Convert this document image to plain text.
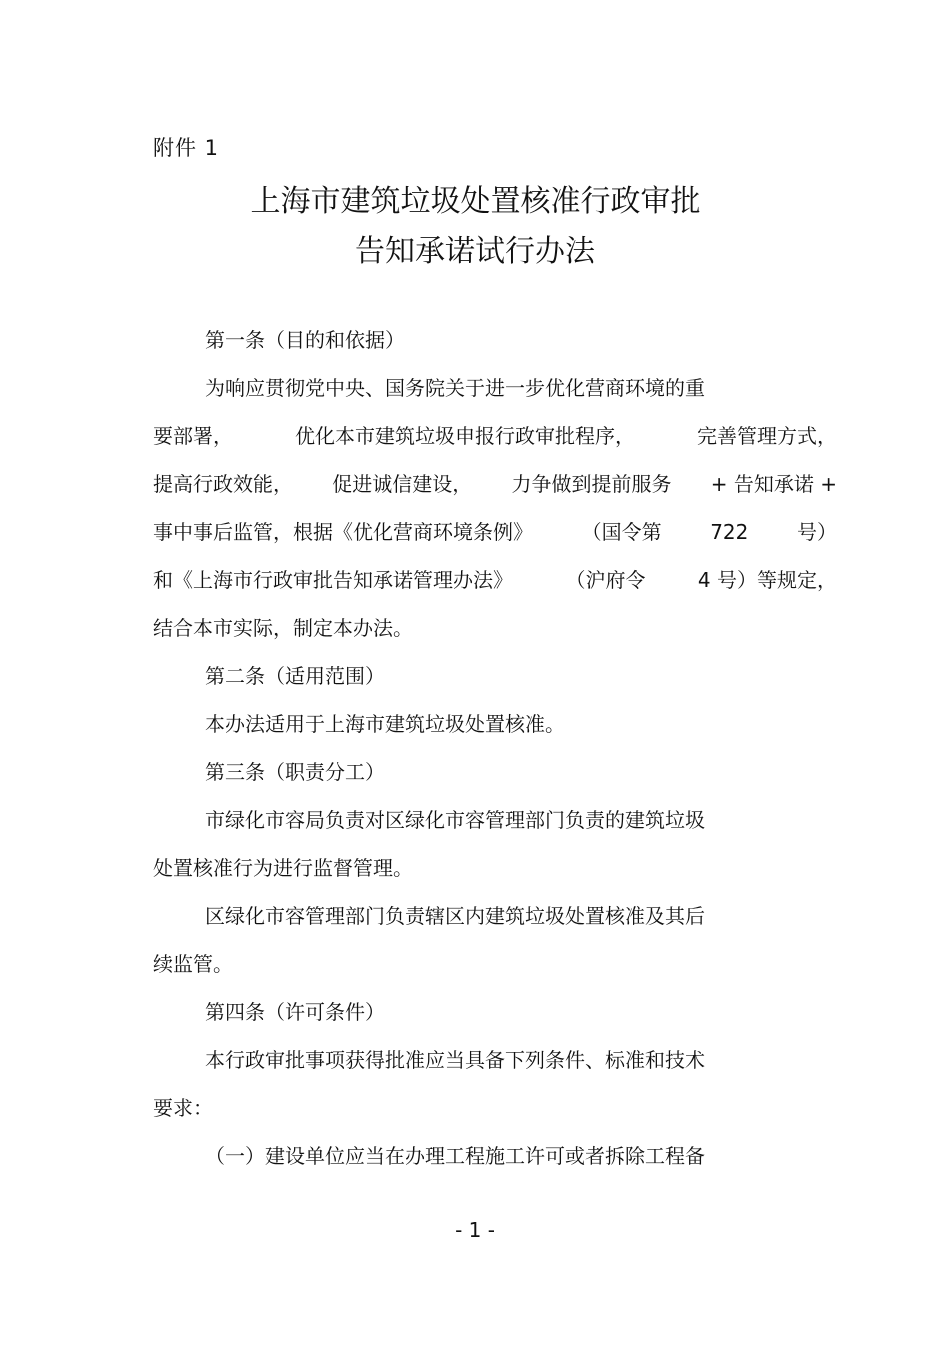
附件 1
上海市建筑垃圾处置核准行政审批
告知承诺试行办法

第一条（目的和依据）

为响应贯彻党中央、国务院关于进一步优化营商环境的重

要部署，	优化本市建筑垃圾申报行政审批程序，	完善管理方式，
提高行政效能， 促进诚信建设， 力争做到提前服务 + 告知承诺 +
事中事后监管，根据《优化营商环境条例》 （国令第 722 号）
和《上海市行政审批告知承诺管理办法》	（沪府令	4 号）等规定，

结合本市实际，制定本办法。

第二条（适用范围）

本办法适用于上海市建筑垃圾处置核准。

第三条（职责分工）

市绿化市容局负责对区绿化市容管理部门负责的建筑垃圾

处置核准行为进行监督管理。

区绿化市容管理部门负责辖区内建筑垃圾处置核准及其后

续监管。

第四条（许可条件）

本行政审批事项获得批准应当具备下列条件、标准和技术

要求：

（一）建设单位应当在办理工程施工许可或者拆除工程备

- 1 -
